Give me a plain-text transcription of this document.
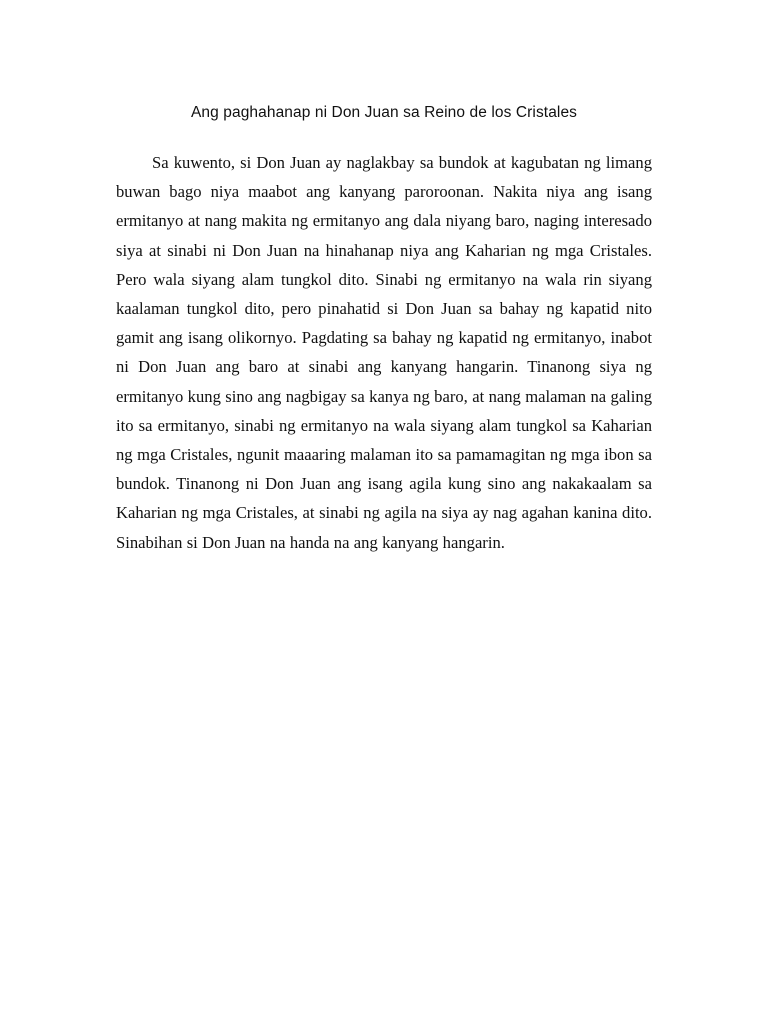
Ang paghahanap ni Don Juan sa Reino de los Cristales

Sa kuwento, si Don Juan ay naglakbay sa bundok at kagubatan ng limang buwan bago niya maabot ang kanyang paroroonan. Nakita niya ang isang ermitanyo at nang makita ng ermitanyo ang dala niyang baro, naging interesado siya at sinabi ni Don Juan na hinahanap niya ang Kaharian ng mga Cristales. Pero wala siyang alam tungkol dito. Sinabi ng ermitanyo na wala rin siyang kaalaman tungkol dito, pero pinahatid si Don Juan sa bahay ng kapatid nito gamit ang isang olikornyo. Pagdating sa bahay ng kapatid ng ermitanyo, inabot ni Don Juan ang baro at sinabi ang kanyang hangarin. Tinanong siya ng ermitanyo kung sino ang nagbigay sa kanya ng baro, at nang malaman na galing ito sa ermitanyo, sinabi ng ermitanyo na wala siyang alam tungkol sa Kaharian ng mga Cristales, ngunit maaaring malaman ito sa pamamagitan ng mga ibon sa bundok. Tinanong ni Don Juan ang isang agila kung sino ang nakakaalam sa Kaharian ng mga Cristales, at sinabi ng agila na siya ay nag agahan kanina dito. Sinabihan si Don Juan na handa na ang kanyang hangarin.
